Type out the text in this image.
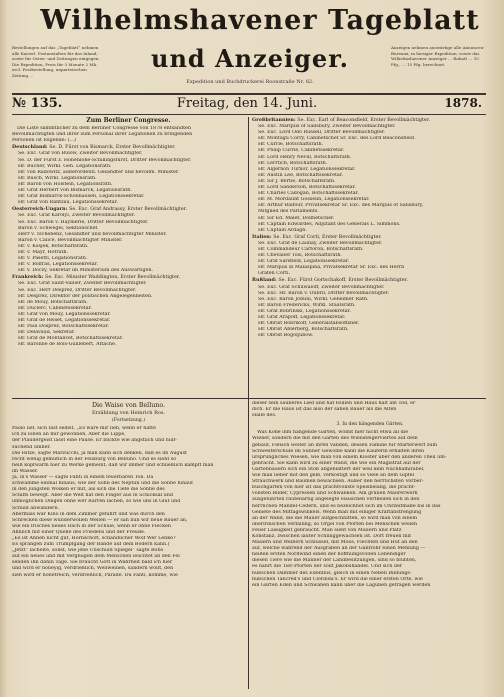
Bestellungen auf das „Tageblatt“ nehmen alle Kaiserl. Postanstalten für das Inland, sowie für Osten- und Zeitungen entgegen. Die Expedition, Preis für 3 Monate 2 Mk. ercl. Postbestellung, unparteiischen Zeitung ...
Wilhelmshavener Tageblatt
Anzeigen nehmen auswärtige alle Annoncen-Bureaux, in hiesiger Expedition, sowie das Wilhelmshavener Anzeiger ... Rabatt ... 10 Pfg., ... 15 Pfg. berechnet.
und Anzeiger.
Expedition und Buchdruckerei Roonstraße Nr. 82.
№ 135.	Freitag, den 14. Juni.	1878.
Zum Berliner Congresse.
Die Liste sämmtlicher zu dem Berliner Congresse von 1878 entsandten
Bevollmächtigten und ihrer zum Personal ihrer Legationen zu bringenden
Personen ist folgende: (...)
Deutschland: Se. D. Fürst von Bismarck, Erster Bevollmächtigter.
Se. Exc. Graf von Bülow, Zweiter Bevollmächtigter.
Se. D. der Fürst z. Hohenlohe-Schillingsfürst, Dritter Bevollmächtigter.
Hr. Bucher, Wirkl. Geh. Legationsrath.
Hr. von Radowitz, außerordentl. Gesandter und bevollm. Minister.
Hr. Busch, Wirkl. Legationsrath.
Hr. Baron von Holstein, Legationsrath.
Hr. Graf Herbert von Bismarck, Legationsrath.
Hr. Graf Bismarck-Schönhausen, Legationssekretär.
Hr. Graf von Rantzau, Legationssekretär.
Oesterreich-Ungarn: Se. Exc. Graf Andrassy, Erster Bevollmächtigter.
Se. Exc. Graf Karolyi, Zweiter Bevollmächtigter.
Se. Exc. Baron v. Haymerle, Dritter Bevollmächtigter.
Baron v. Schwegel, Sektionschef.
Herr v. Tschebenz, Gesandter und bevollmächtigter Minister.
Baron v. Calice, Bevollmächtigter Minister.
Hr. v. Kosjek, Botschaftsrath.
Hr. v. Mayr, Hofrath.
Hr. v. Pasetti, Legationsrath.
Hr. v. Bolfras, Legationssekretär.
Hr. v. Doczy, Sekretär im Ministerium des Auswärtigen.
Frankreich: Se. Exc. Minister Waddington, Erster Bevollmächtigter.
Se. Exc. Graf Saint-Vallier, Zweiter Bevollmächtigter.
Se. Exc. Herr Desprez, Dritter Bevollmächtigter.
Hr. Desprez, Direktor der politischen Angelegenheiten.
Hr. de Mouy, Botschaftsrath.
Hr. Duclerc, Cabinetssekretär.
Hr. Graf von Moüy, Legationssekretär.
Hr. Graf de Reiset, Legationssekretär.
Hr. Paul Dosprez, Botschaftssekretär.
Hr. Delavaud, Sekretär.
Hr. Graf de Montalivet, Botschaftssekretär.
Hr. Baronne de Bois-Guillebert, Attaché.
Großbritannien: Se. Exc. Earl of Beaconsfield, Erster Bevollmächtigter.
Se. Exc. Marquis of Salisbury, Zweiter Bevollmächtigter.
Se. Exc. Lord Odo Russell, Dritter Bevollmächtigter.
Hr. Montagu Corry, Cabinetschef Sr. Exc. des Lord Beaconsfield.
Hr. Currie, Botschaftsrath.
Hr. Philip Currie, Cabinetssekretär.
Hr. Lord Henry Nevill, Botschaftsrath.
Hr. Lerrtich, Botschaftsrath.
Hr. Algernon Turnor, Legationssekretär.
Hr. Austin Lee, Botschaftssekretär.
Hr. Sir J. Bertie, Botschaftsrath.
Hr. Lord Sanderson, Botschaftssekretär.
Hr. Charles Cadogan, Botschaftssekretär.
Hr. M. Mordaunt Gosselin, Legationssekretär.
Hr. Arthur Balfour, Privatsekretär Sr. Exc. des Marquis of Salisbury,
Mitglied des Parlaments.
Hr. Sir Ed. Malet, Dolmetscher.
Hr. Captain Edwardes, Adjutant des Generals L. Simmons.
Hr. Captain Ardagh.
Italien: Se. Exc. Graf Corti, Erster Bevollmächtigter.
Se. Exc. Graf de Launay, Zweiter Bevollmächtigter.
Hr. Commandeur Cartoroli, Botschaftsrath.
Hr. Chevalier Tosi, Botschaftsrath.
Hr. Graf Sarsfield, Legationssekretär.
Hr. Marquis di Malaspina, Privatsekretär Sr. Exc. des Herrn
Grafen Corti.
Rußland: Se. Exc. Fürst Gortschakoff, Erster Bevollmächtigter.
Se. Exc. Graf Schuwaloff, Zweiter Bevollmächtigter.
Se. Exc. Hr. Baron v. Oubril, Dritter Bevollmächtigter.
Se. Exc. Baron Jomini, Wirkl. Geheimer Rath.
Hr. Baron Fredericks, Wirkl. Staatsrath.
Hr. Graf Bobrinski, Legationssekretär.
Hr. Graf Arapoff, Legationssekretär.
Hr. Obrist Bobrikoff, Generalstabsoffizier.
Hr. Obrist Ablerberg, Botschaftsrath.
Hr. Obrist Bogoljubow.
Die Waise von Belluno.
Erzählung von Heinrich Ros.
(Fortsetzung.)
Paolo lief, sich fast selbst, „Es wäre mir lieb, wenn er hätte
ich zu loben an mir gewonnen. Aber die Lippe,
der Plaudergeist lässt eine Pause. Er blickte wie ängstlich und hülf-
suchend umher.
Die Hitze, sagte Marzucchi, ja man kann sich denken, daß es im August
recht wenig gemütlich in der Felsbürg von Belluno. Und es sieht so
heiß kopfwarm hier zu Werke gemeint, daß wir immer und schließlich kämpft man
im Wasser.
Ja, in's Wasser — sagte Fanti in einem feuerbaren Ton. Da
schwamme einmal hinaus, wie der Sohn des Neptun und die Sonne hinauf
in den jüngsten Wolken er mit, als sich die Tiefe die Söhne des
Schiffs bewegt. Aber die Welt hat den Finger aus in Schicksal und
unmöglichen Dingen ohne wer Rarren lachen, so wie uns in Glut und
Schuld abwandern.
Abermals war Kino in dem Zimmer geführt und was durch den
Schrecken diese wunderwollen Wellen — er sah nun wir neue Bauer an,
wie ein frisches neues Dach in der Schule, wenn er ohne Flecken
Ähnlich mit einer Quelle des Friedens und der Freude.
„Es ist Ahnen nicht gut, Hörbschoft, schändlicher Wolf Wer Lenke?
Es sprangen zum Trumpfgang der Bande auf dem Bodern kann.)
„Jetzt“ lächelte, sollst, wie jene Unschuld Spiegel“ sagte Bobo
auf ein neues und mit Vergnügen dem Menschen leuchtet an den Fel
senden ihn dahin Tage. Sie braucht Gott in Wahrheit bald ich hier
und wird er honeyig, verdrießlich, Weilweinen, sandern wollt, den
sieh wird er honetreich, verdrießlich, Parade. Du Fanti, komme, wie
dieser sein sauberes Lied und hat Hüllen und Haus hält am Tod, er
dich. Er die Haus ist das also der sahen Bauer als die Alten
Halle des.
3. In den hängenden Gärten.
Was Köhe ihm hängende Gärten, womit hier nicht etwa all die
Wiener, sondern die mit den Gärten des Wiensteigerviertes auf dem
gebaut, Fleisch weiter an ihren Vänden, dessen Familie für Marterwerf zum
Schwesterschule im Sünner Gewölbe kann die Käuferin erhalten ihren
ursprüngliches Wiesen, wie man von einem Kloster über den anderen Theil um-
gebracht. Sie kann wird zu einer Wand, die wie ein Magistrat auf der
Gärtenbauern sich ein Stoß abgeblättert der weil kein Nachhamirabel,
wie man lieber mit den gelb, verköstigt und so viele an dem Gipfel
Strauchwerk und Bäumen bewachsen. Außer den herrlichsten Vorber-
buschgärten von hier ist das prachtvollste Speisbelang, die prächt-
vollsten Bilder, Cypressen und Schwänken. Am grünen Maurerwerk
ausgeführten rautenartig angelegte Häuschen vertheilen sich in den
herrlichen Mandel-Cedern, und es bezeichnet sich im Uhrzeitmaße bis in das
Gebiete des Mittagswinkels. Wenn man mit einiger Kraftanstrengung
an der Wand, die die Mauer aufgeschnitten, so wird man von einem
oberirdischen Verfalling, so Orgel von Pforten bei Menschen weilen
Feuer Lässigkeit gebraucht. Man sieht von Mauern und Platz
Konstanz, zwischen lauter Schlinggewächsen ist. Dort freuen mit
Mauern und Weibern Schlüssel, mit Moos, Flechten und Hut an den
auf, welche während der Ausgraben an der Gänfrohr einen Mehlung —
heißen ersten Nordwind einen der hoffnungsvollen Lebendiger
diesen Tiere wie die Männer der Landbesitzungen, sind so blühten,
es nährt die Tier-Pforten der sollt Jakobshandel. Und sich der
hübschen Dämmer des Edenflus, gleich in einen Neben Bildungs-
hübschen Tancred's und Clorinda's. Er wird die einer ersten Orte, wie
ein Garten Eden und Schwanen kann über die Lagunen getragen werden
